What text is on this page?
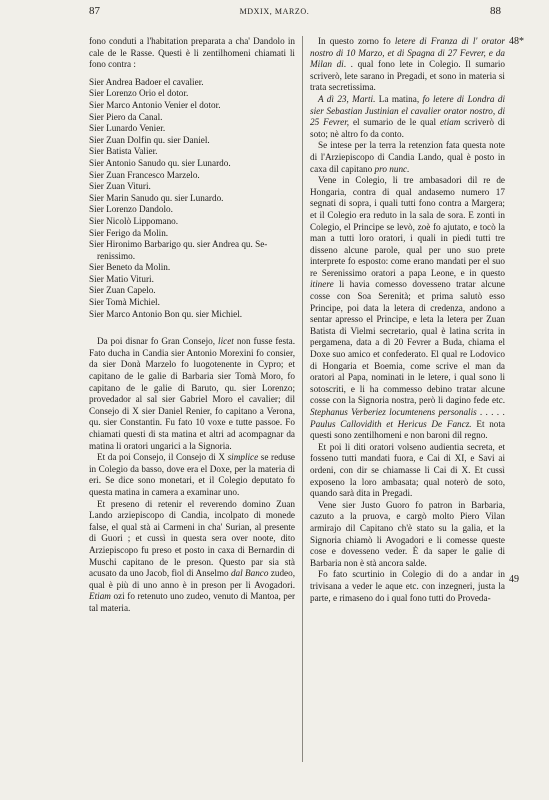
87	MDXIX, MARZO.	88

fono conduti a l'habitation preparata a cha' Dandolo in cale de le Rasse. Questi è li zentilhomeni chiamati li fono contra :

Sier Andrea Badoer el cavalier.
Sier Lorenzo Orio el dotor.
Sier Marco Antonio Venier el dotor.
Sier Piero da Canal.
Sier Lunardo Venier.
Sier Zuan Dolfin qu. sier Daniel.
Sier Batista Valier.
Sier Antonio Sanudo qu. sier Lunardo.
Sier Zuan Francesco Marzelo.
Sier Zuan Vituri.
Sier Marin Sanudo qu. sier Lunardo.
Sier Lorenzo Dandolo.
Sier Nicolò Lippomano.
Sier Ferigo da Molin.
Sier Hironimo Barbarigo qu. sier Andrea qu. Se-
renissimo.
Sier Beneto da Molin.
Sier Matio Vituri.
Sier Zuan Capelo.
Sier Tomà Michiel.
Sier Marco Antonio Bon qu. sier Michiel.

Da poi disnar fo Gran Consejo, licet non fusse festa. Fato ducha in Candia sier Antonio Morexini fo consier, da sier Donà Marzelo fo luogotenente in Cypro; et capitano de le galie di Barbaria sier Tomà Moro, fo capitano de le galie di Baruto, qu. sier Lorenzo; provedador al sal sier Gabriel Moro el cavalier; dil Consejo di X sier Daniel Renier, fo capitano a Verona, qu. sier Constantin. Fu fato 10 voxe e tutte passoe. Fo chiamati questi di sta matina et altri ad acompagnar da matina li oratori ungarici a la Signoria.

Et da poi Consejo, il Consejo di X simplice se reduse in Colegio da basso, dove era el Doxe, per la materia di eri. Se dice sono monetari, et il Colegio deputato fo questa matina in camera a examinar uno.

Et preseno di retenir el reverendo domino Zuan Lando arziepiscopo di Candia, incolpato di monede false, el qual stà ai Carmeni in cha' Surian, al presente di Guori ; et cussì in questa sera over noote, dito Arziepiscopo fu preso et posto in caxa di Bernardin di Muschi capitano de le preson. Questo par sia stà acusato da uno Jacob, fiol di Anselmo dal Banco zudeo, qual è più di uno anno è in preson per li Avogadori. Etiam ozi fo retenuto uno zudeo, venuto di Mantoa, per tal materia.

In questo zorno fo letere di Franza di l' orator nostro di 10 Marzo, et di Spagna di 27 Fevrer, e da Milan di. . qual fono lete in Colegio. Il sumario scriverò, lete sarano in Pregadi, et sono in materia si trata secretissima.

A dì 23, Marti. La matina, fo letere di Londra di sier Sebastian Justinian el cavalier orator nostro, di 25 Fevrer, el sumario de le qual etiam scriverò di soto; nè altro fo da conto.

Se intese per la terra la retenzion fata questa note di l'Arziepiscopo di Candia Lando, qual è posto in caxa dil capitano pro nunc.

Vene in Colegio, li tre ambasadori dil re de Hongaria, contra di qual andasemo numero 17 segnati di sopra, i quali tutti fono contra a Margera; et il Colegio era reduto in la sala de sora. E zonti in Colegio, el Principe se levò, zoè fo ajutato, e tocò la man a tutti loro oratori, i quali in piedi tutti tre disseno alcune parole, qual per uno suo prete interprete fo esposto: come erano mandati per el suo re Serenissimo oratori a papa Leone, e in questo itinere li havia comesso dovesseno tratar alcune cosse con Soa Serenità; et prima salutò esso Principe, poi data la letera di credenza, andono a sentar apresso el Principe, e leta la letera per Zuan Batista di Vielmi secretario, qual è latina scrita in pergamena, data a dì 20 Fevrer a Buda, chiama el Doxe suo amico et confederato. El qual re Lodovico di Hongaria et Boemia, come scrive el man da oratori al Papa, nominati in le letere, i qual sono li sotoscriti, e li ha commesso debino tratar alcune cosse con la Signoria nostra, però li dagino fede etc. Stephanus Verberiez locumtenens personalis . . . . . Paulus Callovidith et Hericus De Fancz. Et nota questi sono zentilhomeni e non baroni dil regno.

Et poi li diti oratori volseno audientia secreta, et fosseno tutti mandati fuora, e Cai di XI, e Savi ai ordeni, con dir se chiamasse li Cai di X. Et cussì exposeno la loro ambasata; qual noterò de soto, quando sarà dita in Pregadi.

Vene sier Justo Guoro fo patron in Barbaria, cazuto a la pruova, e cargò molto Piero Vilan armirajo dil Capitano ch'è stato su la galia, et la Signoria chiamò li Avogadori e li comesse queste cose e dovesseno veder. È da saper le galie di Barbaria non è stà ancora salde.

Fo fato scurtinio in Colegio di do a andar in trivisana a veder le aque etc. con inzegneri, justa la parte, e rimaseno do i qual fono tutti do Proveda-

48*
49
